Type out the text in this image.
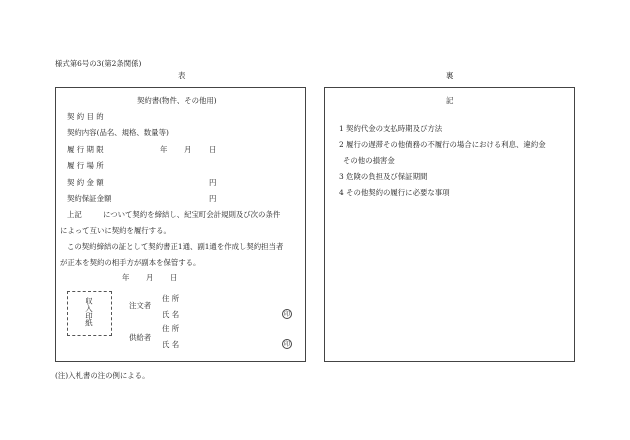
様式第6号の3(第2条関係)
表	裏
契約書(物件、その他用)
契 約 目 的
契約内容(品名、規格、数量等)
履 行 期 限	年 月 日
履 行 場 所
契 約 金 額	円
契約保証金額	円
上記	について契約を締結し、紀宝町会計規則及び次の条件
によって互いに契約を履行する。
この契約締結の証として契約書正1通、副1通を作成し契約担当者
が正本を契約の相手方が副本を保管する。
年 月 日
収入印紙	注文者
住 所
氏 名	印
供給者
住 所
氏 名	印
記
1 契約代金の支払時期及び方法
2 履行の遅滞その他債務の不履行の場合における利息、違約金
その他の損害金
3 危険の負担及び保証期間
4 その他契約の履行に必要な事項
(注)入札書の注の例による。
